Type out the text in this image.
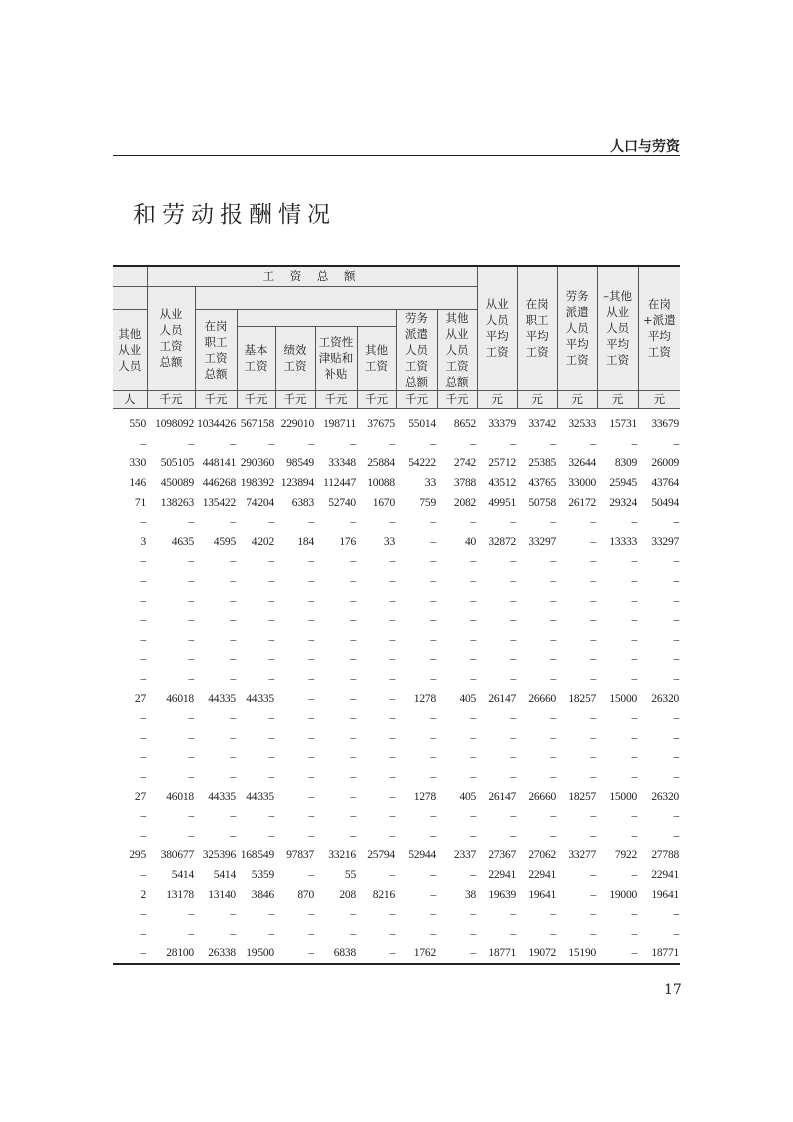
人口与劳资
和劳动报酬情况
	工 资 总 额								从业人员平均工资	在岗职工平均工资	劳务派遣人员平均工资	–其他从业人员平均工资	在岗+派遣平均工资
	从业人员工资总额												
其他从业人员		在岗职工工资总额					劳务派遣人员工资总额	其他从业人员工资总额					
			基本工资	绩效工资	工资性津贴和补贴	其他工资							
人	千元	千元	千元	千元	千元	千元	千元	千元	元	元	元	元	元
550	1098092	1034426	567158	229010	198711	37675	55014	8652	33379	33742	32533	15731	33679
–	–	–	–	–	–	–	–	–	–	–	–	–	–
330	505105	448141	290360	98549	33348	25884	54222	2742	25712	25385	32644	8309	26009
146	450089	446268	198392	123894	112447	10088	33	3788	43512	43765	33000	25945	43764
71	138263	135422	74204	6383	52740	1670	759	2082	49951	50758	26172	29324	50494
–	–	–	–	–	–	–	–	–	–	–	–	–	–
3	4635	4595	4202	184	176	33	–	40	32872	33297	–	13333	33297
–	–	–	–	–	–	–	–	–	–	–	–	–	–
–	–	–	–	–	–	–	–	–	–	–	–	–	–
–	–	–	–	–	–	–	–	–	–	–	–	–	–
–	–	–	–	–	–	–	–	–	–	–	–	–	–
–	–	–	–	–	–	–	–	–	–	–	–	–	–
–	–	–	–	–	–	–	–	–	–	–	–	–	–
–	–	–	–	–	–	–	–	–	–	–	–	–	–
27	46018	44335	44335	–	–	–	1278	405	26147	26660	18257	15000	26320
–	–	–	–	–	–	–	–	–	–	–	–	–	–
–	–	–	–	–	–	–	–	–	–	–	–	–	–
–	–	–	–	–	–	–	–	–	–	–	–	–	–
–	–	–	–	–	–	–	–	–	–	–	–	–	–
27	46018	44335	44335	–	–	–	1278	405	26147	26660	18257	15000	26320
–	–	–	–	–	–	–	–	–	–	–	–	–	–
–	–	–	–	–	–	–	–	–	–	–	–	–	–
295	380677	325396	168549	97837	33216	25794	52944	2337	27367	27062	33277	7922	27788
–	5414	5414	5359	–	55	–	–	–	22941	22941	–	–	22941
2	13178	13140	3846	870	208	8216	–	38	19639	19641	–	19000	19641
–	–	–	–	–	–	–	–	–	–	–	–	–	–
–	–	–	–	–	–	–	–	–	–	–	–	–	–
–	28100	26338	19500	–	6838	–	1762	–	18771	19072	15190	–	18771
17
